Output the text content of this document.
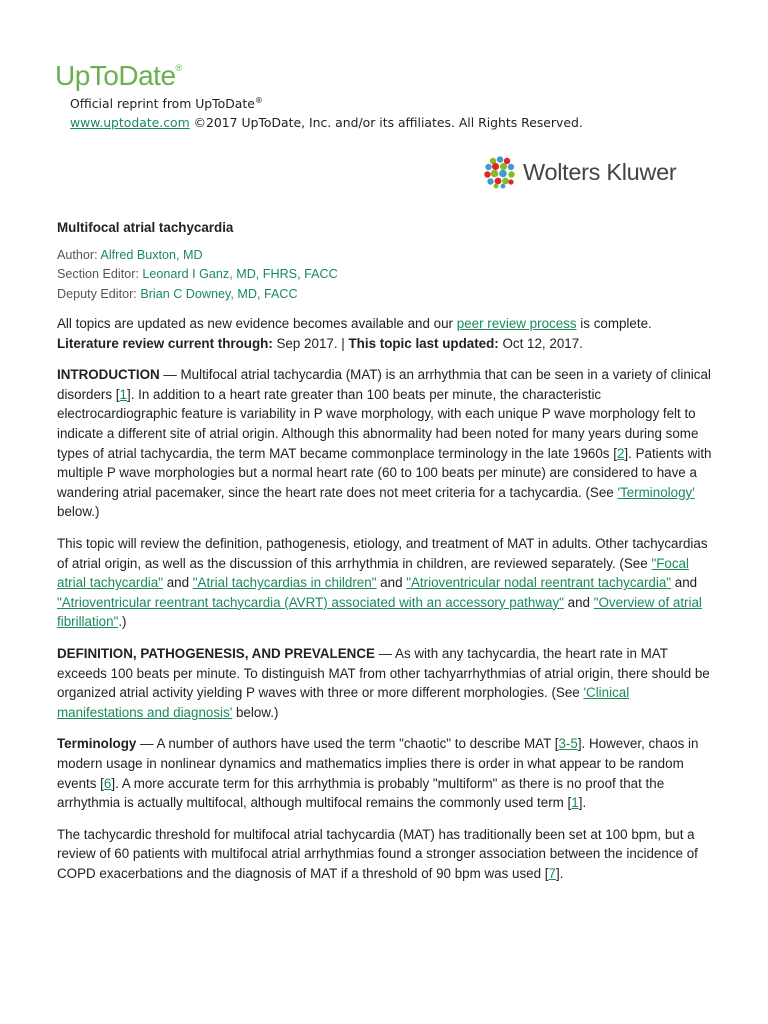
UpToDate®
Official reprint from UpToDate®
www.uptodate.com ©2017 UpToDate, Inc. and/or its affiliates. All Rights Reserved.
Wolters Kluwer
Multifocal atrial tachycardia
Author: Alfred Buxton, MD
Section Editor: Leonard I Ganz, MD, FHRS, FACC
Deputy Editor: Brian C Downey, MD, FACC

All topics are updated as new evidence becomes available and our peer review process is complete.
Literature review current through: Sep 2017. | This topic last updated: Oct 12, 2017.

INTRODUCTION — Multifocal atrial tachycardia (MAT) is an arrhythmia that can be seen in a variety of clinical disorders [1]. In addition to a heart rate greater than 100 beats per minute, the characteristic electrocardiographic feature is variability in P wave morphology, with each unique P wave morphology felt to indicate a different site of atrial origin. Although this abnormality had been noted for many years during some types of atrial tachycardia, the term MAT became commonplace terminology in the late 1960s [2]. Patients with multiple P wave morphologies but a normal heart rate (60 to 100 beats per minute) are considered to have a wandering atrial pacemaker, since the heart rate does not meet criteria for a tachycardia. (See 'Terminology' below.)

This topic will review the definition, pathogenesis, etiology, and treatment of MAT in adults. Other tachycardias of atrial origin, as well as the discussion of this arrhythmia in children, are reviewed separately. (See "Focal atrial tachycardia" and "Atrial tachycardias in children" and "Atrioventricular nodal reentrant tachycardia" and "Atrioventricular reentrant tachycardia (AVRT) associated with an accessory pathway" and "Overview of atrial fibrillation".)

DEFINITION, PATHOGENESIS, AND PREVALENCE — As with any tachycardia, the heart rate in MAT exceeds 100 beats per minute. To distinguish MAT from other tachyarrhythmias of atrial origin, there should be organized atrial activity yielding P waves with three or more different morphologies. (See 'Clinical manifestations and diagnosis' below.)

Terminology — A number of authors have used the term "chaotic" to describe MAT [3-5]. However, chaos in modern usage in nonlinear dynamics and mathematics implies there is order in what appear to be random events [6]. A more accurate term for this arrhythmia is probably "multiform" as there is no proof that the arrhythmia is actually multifocal, although multifocal remains the commonly used term [1].

The tachycardic threshold for multifocal atrial tachycardia (MAT) has traditionally been set at 100 bpm, but a review of 60 patients with multifocal atrial arrhythmias found a stronger association between the incidence of COPD exacerbations and the diagnosis of MAT if a threshold of 90 bpm was used [7].
